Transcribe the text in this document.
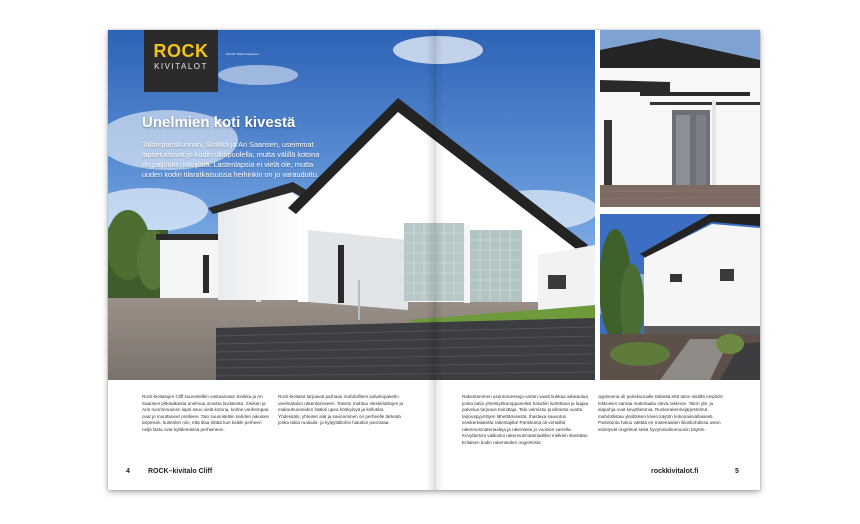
ROCK
KIVITALOT
KUVAT: Mikko Kaipainen
Unelmien koti kivestä

Talon pariskunnan, Sinikka ja Ari Saarisen, useimmat lapset asuvat jo kodin ulkopuolella, mutta välillä kotona on paljonkin kävijöitä. Lastenlapsia ei vielä ole, mutta uuden kodin tilaratkaisuissa heihinkin on jo varauduttu.

Rock-kivitalojen Cliff suunniteltiin vastaamaan Sinikka ja Ari Saarisen pitkäaikaisia unelmaa omasta kivitalosta. Sinikan ja Arin nuorimmainen lapsi asuu vielä kotona, kolme vanhempaa ovat jo muuttaneet omilleen. Talo suunniteltiin kahden aikuisen tarpeisiin, kuitenkin niin, että tilaa riittää kun kaikki perheen neljä lasta ovat kylälemässä perheineen.

Rock-kivitalot tarjoavat parhaan mahdollisen palvelupaketin unelmatalon rakentamiseen. Talosm mahtuu oleskelutilojen ja makuuhuoneiden lisäksi upea köökyloyä ja kellotilat. Yhdessälo, yhteiset alat ja saunominen on perheelle tärkeää jonka takia ruokailu- ja kylpylätilohin haluttiin panostaa.

Rakentaminen asuntomessuja varten vaatii tiukkaa aikataulua jonka takia yhteistyökumppaneiksi haluttiin luotettava ja laajaa palvelua tarjoava toimittaja. Talo valmistui puolitoista vuotta tarjouspyyntöjen lähettämisestä. Ihastava saavutus ensikertalaisilta rakentajilta! Pariskunta oli vertaillut rakennusmateriaaleja ja rakenteita jo vuosien varrella. Kevytbetoni valikoitui rakennusmateriaaliksi melkein itsestään. Erilaisen kodin rakenteiden ongelmista

oppineena oli pariskunnalle tärkeää että talon sisältä umpäriö lokkoisen samaa materiaalia oleva rakenne. Talon ylä- ja alapohja ovat kevytbetonia. Runkorakennejärjestelmä mahdollistaa yksilölisen kiven käytön kokonaisvaltaisesti. Pariskunta haluu välttää eri materiaalien liitoskohdissa usein esiintyvät ongelmat sekä hyvyriosaikumuovin käytön.

4	ROCK–kivitalo Cliff	rockkivitalot.fi	5
